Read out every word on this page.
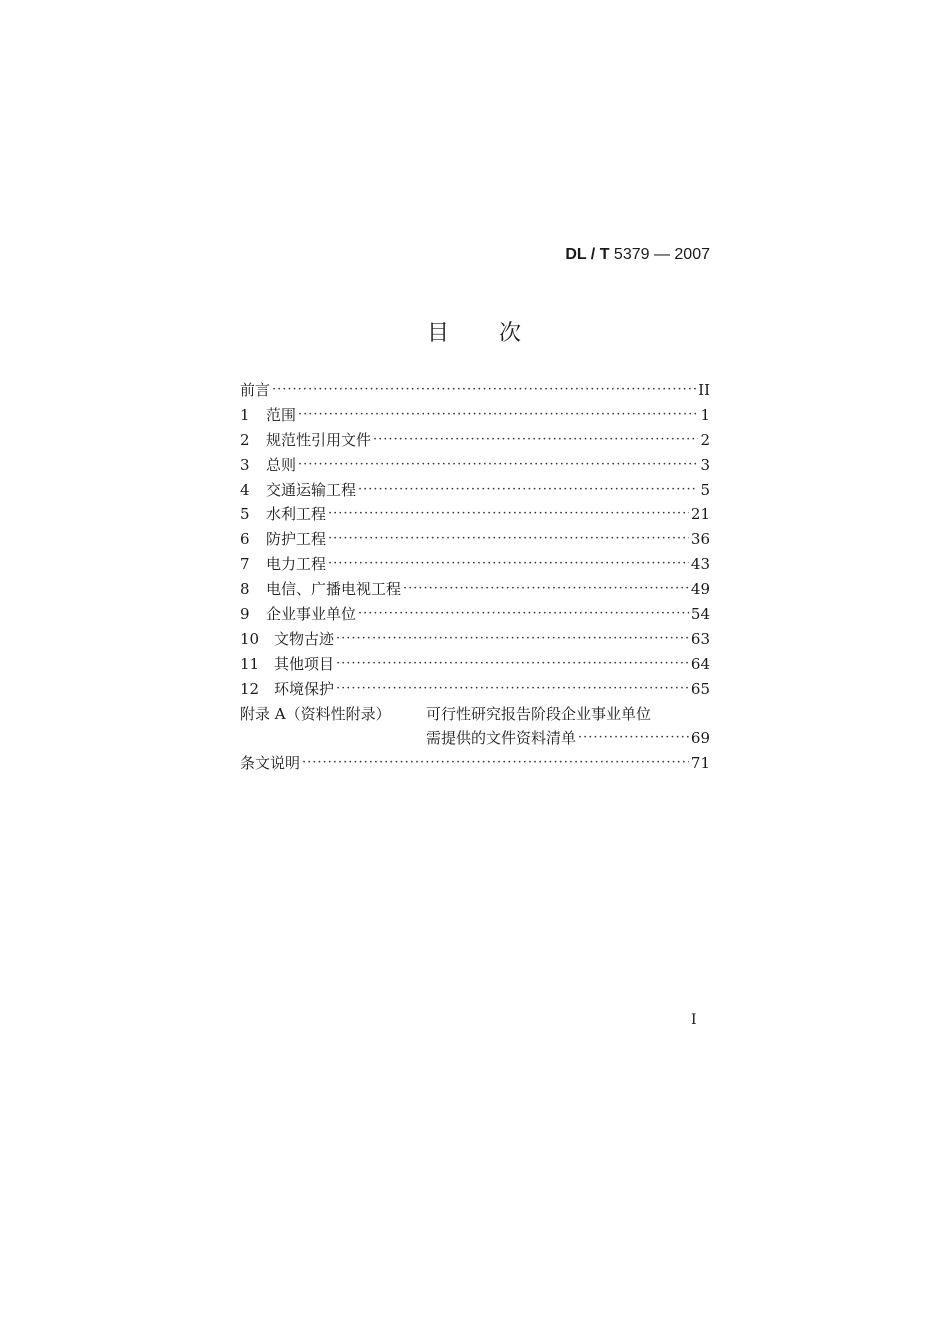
DL / T 5379 — 2007
目 次
前言 ·····	II
1	范围 ·····	1
2	规范性引用文件 ·····	2
3	总则 ·····	3
4	交通运输工程 ·····	5
5	水利工程 ·····	21
6	防护工程 ·····	36
7	电力工程 ·····	43
8	电信、广播电视工程 ·····	49
9	企业事业单位 ·····	54
10 文物古迹 ·····	63
11 其他项目 ·····	64
12 环境保护 ·····	65
附录 A（资料性附录）	可行性研究报告阶段企业事业单位
需提供的文件资料清单 ·····	69
条文说明 ·····	71
I
